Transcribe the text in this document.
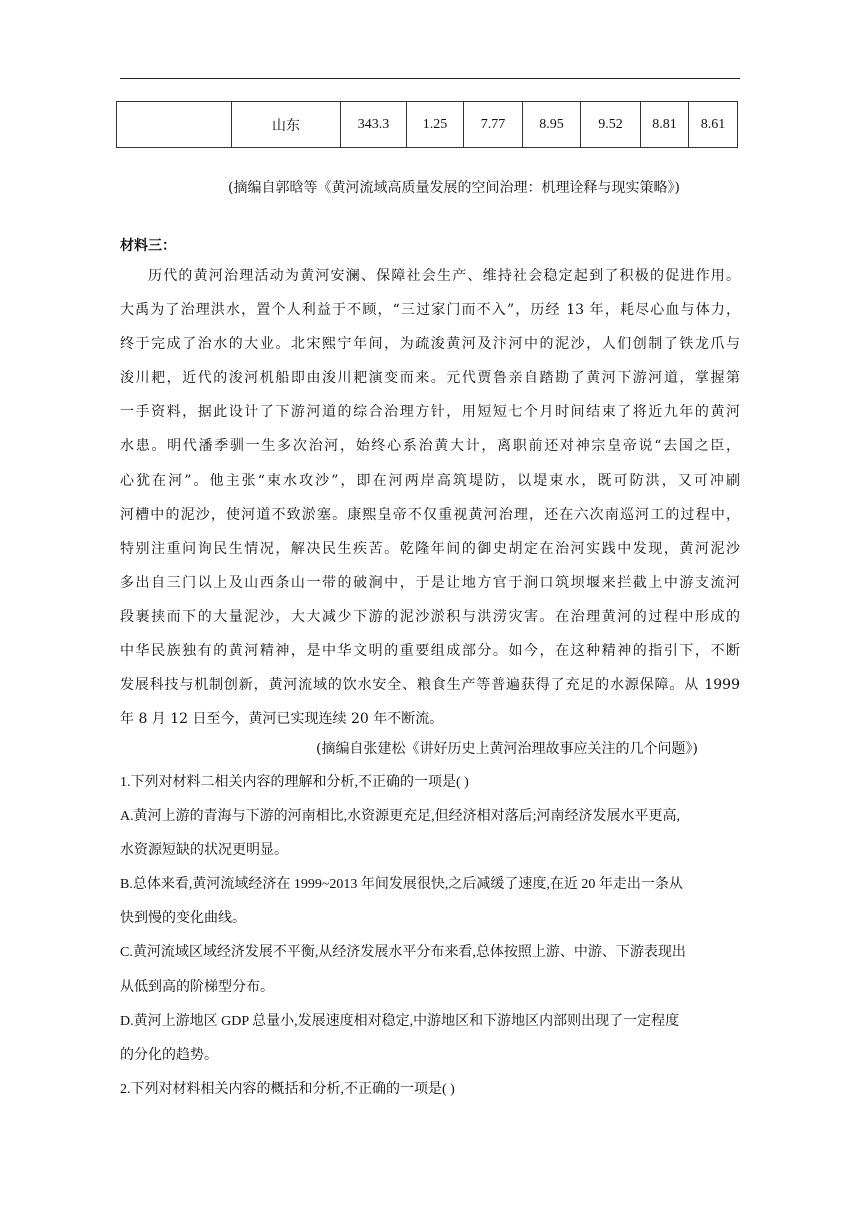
	山东	343.3	1.25	7.77	8.95	9.52	8.81	8.61
(摘编自郭晗等《黄河流域高质量发展的空间治理：机理诠释与现实策略》)
材料三：
历代的黄河治理活动为黄河安澜、保障社会生产、维持社会稳定起到了积极的促进作用。
大禹为了治理洪水，置个人利益于不顾，“三过家门而不入”，历经 13 年，耗尽心血与体力，
终于完成了治水的大业。北宋熙宁年间，为疏浚黄河及汴河中的泥沙，人们创制了铁龙爪与
浚川耙，近代的浚河机船即由浚川耙演变而来。元代贾鲁亲自踏勘了黄河下游河道，掌握第
一手资料，据此设计了下游河道的综合治理方针，用短短七个月时间结束了将近九年的黄河
水患。明代潘季驯一生多次治河，始终心系治黄大计，离职前还对神宗皇帝说“去国之臣，
心犹在河”。他主张“束水攻沙”，即在河两岸高筑堤防，以堤束水，既可防洪，又可冲刷
河槽中的泥沙，使河道不致淤塞。康熙皇帝不仅重视黄河治理，还在六次南巡河工的过程中，
特别注重问询民生情况，解决民生疾苦。乾隆年间的御史胡定在治河实践中发现，黄河泥沙
多出自三门以上及山西条山一带的破涧中，于是让地方官于涧口筑坝堰来拦截上中游支流河
段裹挟而下的大量泥沙，大大减少下游的泥沙淤积与洪涝灾害。在治理黄河的过程中形成的
中华民族独有的黄河精神，是中华文明的重要组成部分。如今，在这种精神的指引下，不断
发展科技与机制创新，黄河流域的饮水安全、粮食生产等普遍获得了充足的水源保障。从 1999
年 8 月 12 日至今，黄河已实现连续 20 年不断流。
(摘编自张建松《讲好历史上黄河治理故事应关注的几个问题》)
1.下列对材料二相关内容的理解和分析,不正确的一项是( )
A.黄河上游的青海与下游的河南相比,水资源更充足,但经济相对落后;河南经济发展水平更高,
水资源短缺的状况更明显。
B.总体来看,黄河流域经济在 1999~2013 年间发展很快,之后减缓了速度,在近 20 年走出一条从
快到慢的变化曲线。
C.黄河流域区域经济发展不平衡,从经济发展水平分布来看,总体按照上游、中游、下游表现出
从低到高的阶梯型分布。
D.黄河上游地区 GDP 总量小,发展速度相对稳定,中游地区和下游地区内部则出现了一定程度
的分化的趋势。
2.下列对材料相关内容的概括和分析,不正确的一项是( )
